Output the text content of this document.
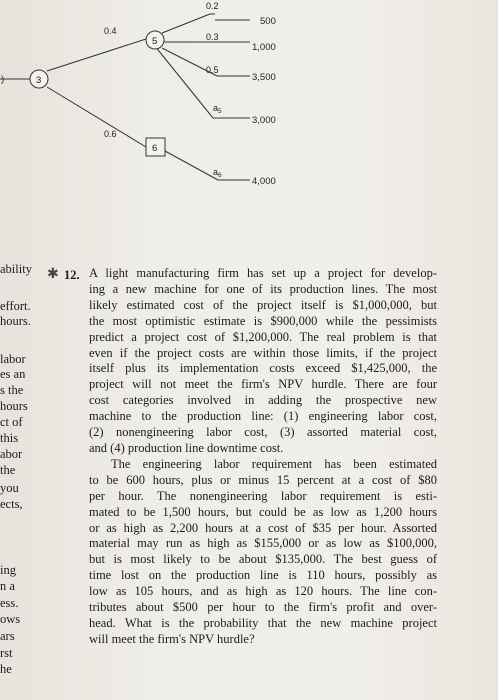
3
5
6
0.2
0.4
0.6
0.3
0.5
$a_5$
$a_6$
500
1,000
3,500
3,000
4,000
)
ability
effort.
hours.
labor
es an
s the
hours
ct of
this
abor
the
you
ects,
ing
n a
ess.
ows
ars
rst
he
✱ 12. A light manufacturing firm has set up a project for develop-
ing a new machine for one of its production lines. The most
likely estimated cost of the project itself is $1,000,000, but
the most optimistic estimate is $900,000 while the pessimists
predict a project cost of $1,200,000. The real problem is that
even if the project costs are within those limits, if the project
itself plus its implementation costs exceed $1,425,000, the
project will not meet the firm's NPV hurdle. There are four
cost categories involved in adding the prospective new
machine to the production line: (1) engineering labor cost,
(2) nonengineering labor cost, (3) assorted material cost,
and (4) production line downtime cost.
The engineering labor requirement has been estimated
to be 600 hours, plus or minus 15 percent at a cost of $80
per hour. The nonengineering labor requirement is esti-
mated to be 1,500 hours, but could be as low as 1,200 hours
or as high as 2,200 hours at a cost of $35 per hour. Assorted
material may run as high as $155,000 or as low as $100,000,
but is most likely to be about $135,000. The best guess of
time lost on the production line is 110 hours, possibly as
low as 105 hours, and as high as 120 hours. The line con-
tributes about $500 per hour to the firm's profit and over-
head. What is the probability that the new machine project
will meet the firm's NPV hurdle?
